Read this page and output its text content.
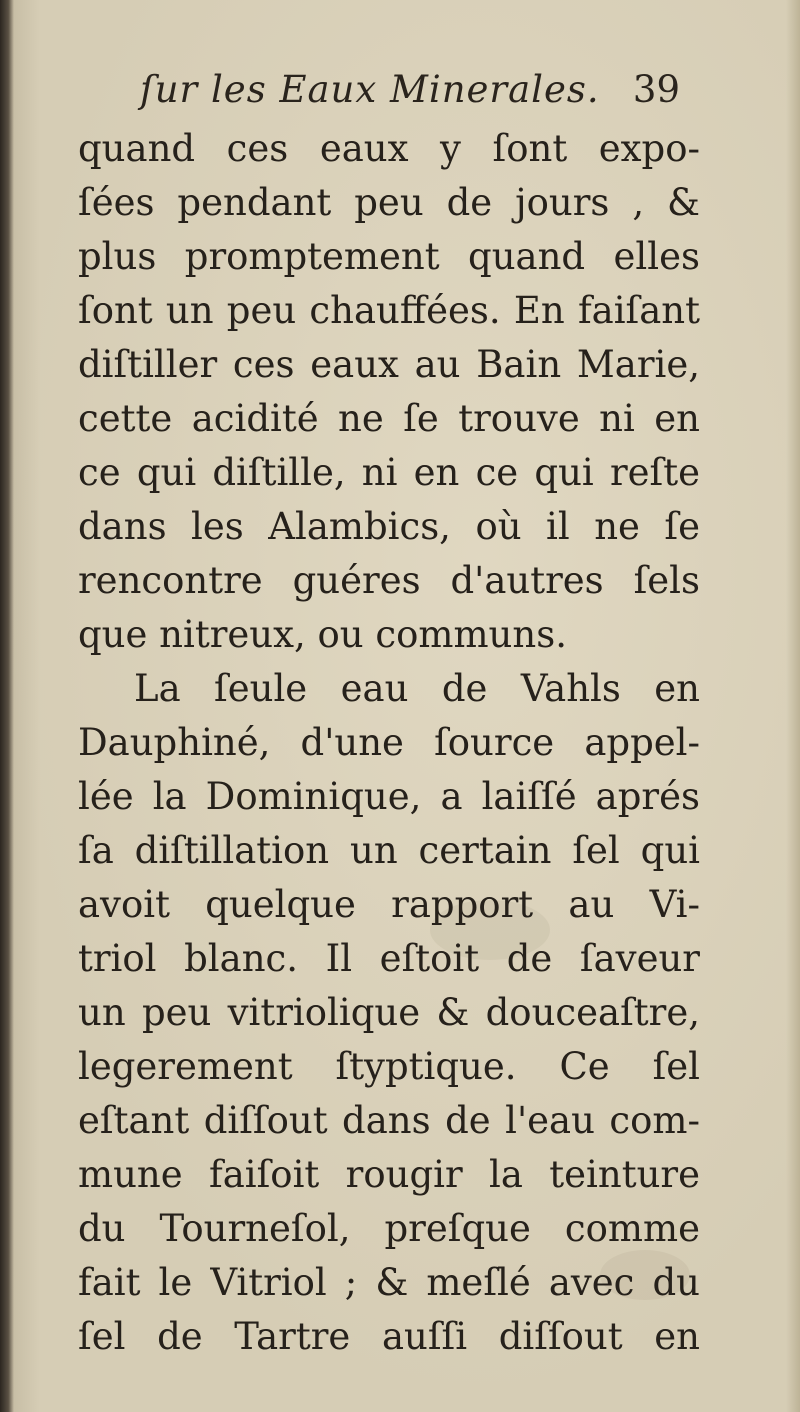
ſur les Eaux Minerales. 39
quand ces eaux y ſont expo-
ſées pendant peu de jours , &
plus promptement quand elles
ſont un peu chauffées. En faiſant
diſtiller ces eaux au Bain Marie,
cette acidité ne ſe trouve ni en
ce qui diſtille, ni en ce qui reſte
dans les Alambics, où il ne ſe
rencontre guéres d'autres ſels
que nitreux, ou communs.
La ſeule eau de Vahls en
Dauphiné, d'une ſource appel-
lée la Dominique, a laiſſé aprés
ſa diſtillation un certain ſel qui
avoit quelque rapport au Vi-
triol blanc. Il eſtoit de ſaveur
un peu vitriolique & douceaſtre,
legerement ſtyptique. Ce ſel
eſtant diſſout dans de l'eau com-
mune faiſoit rougir la teinture
du Tourneſol, preſque comme
fait le Vitriol ; & meſlé avec du
ſel de Tartre auſſi diſſout en
